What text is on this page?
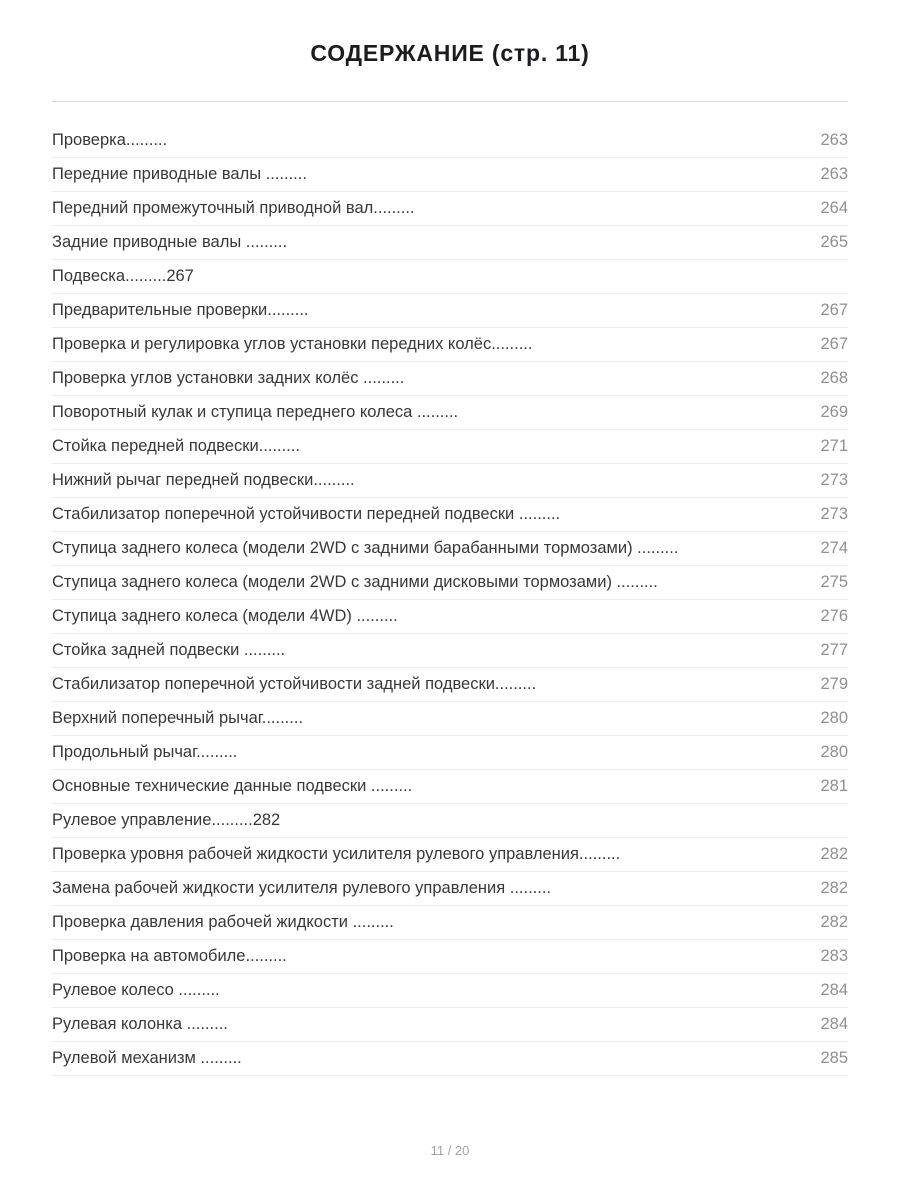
СОДЕРЖАНИЕ (стр. 11)
Проверка.........	263
Передние приводные валы .........	263
Передний промежуточный приводной вал.........	264
Задние приводные валы .........	265
Подвеска.........267
Предварительные проверки.........	267
Проверка и регулировка углов установки передних колёс.........	267
Проверка углов установки задних колёс .........	268
Поворотный кулак и ступица переднего колеса .........	269
Стойка передней подвески.........	271
Нижний рычаг передней подвески.........	273
Стабилизатор поперечной устойчивости передней подвески .........	273
Ступица заднего колеса (модели 2WD с задними барабанными тормозами) .........	274
Ступица заднего колеса (модели 2WD с задними дисковыми тормозами) .........	275
Ступица заднего колеса (модели 4WD) .........	276
Стойка задней подвески .........	277
Стабилизатор поперечной устойчивости задней подвески.........	279
Верхний поперечный рычаг.........	280
Продольный рычаг.........	280
Основные технические данные подвески .........	281
Рулевое управление.........282
Проверка уровня рабочей жидкости усилителя рулевого управления.........	282
Замена рабочей жидкости усилителя рулевого управления .........	282
Проверка давления рабочей жидкости .........	282
Проверка на автомобиле.........	283
Рулевое колесо .........	284
Рулевая колонка .........	284
Рулевой механизм .........	285
11 / 20
